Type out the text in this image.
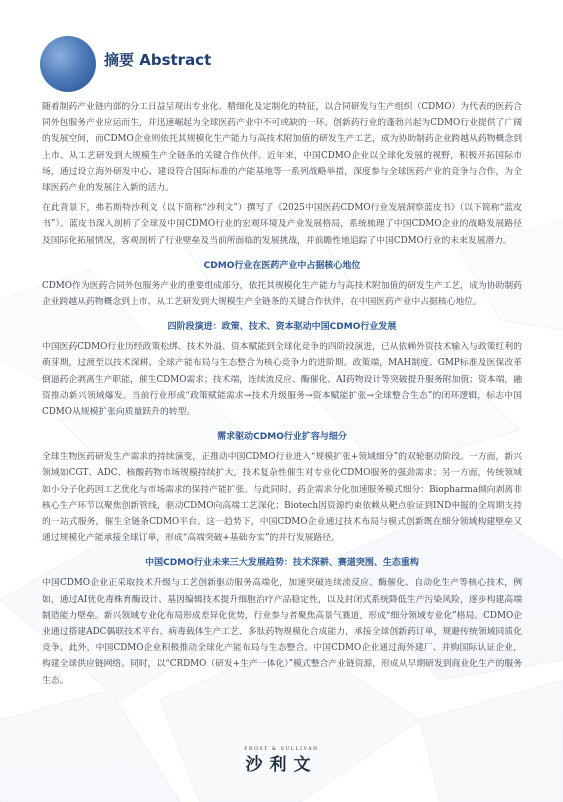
摘要 Abstract

随着制药产业链内部的分工日益呈现出专业化、精细化及定制化的特征，以合同研发与生产组织（CDMO）为代表的医药合同外包服务产业应运而生，并迅速崛起为全球医药产业中不可或缺的一环。创新药行业的蓬勃兴起为CDMO行业提供了广阔的发展空间，而CDMO企业则依托其规模化生产能力与高技术附加值的研发生产工艺，成为协助制药企业跨越从药物概念到上市、从工艺研发到大规模生产全链条的关键合作伙伴。近年来，中国CDMO企业以全球化发展的视野，积极开拓国际市场，通过设立海外研发中心、建设符合国际标准的产能基地等一系列战略举措，深度参与全球医药产业的竞争与合作，为全球医药产业的发展注入新的活力。

在此背景下，弗若斯特沙利文（以下简称“沙利文”）撰写了《2025中国医药CDMO行业发展洞察蓝皮书》（以下简称“蓝皮书”）。蓝皮书深入剖析了全球及中国CDMO行业的宏观环境及产业发展格局，系统梳理了中国CDMO企业的战略发展路径及国际化拓展情况，客观剖析了行业壁垒及当前所面临的发展挑战，并前瞻性地追踪了中国CDMO行业的未来发展潜力。

CDMO行业在医药产业中占据核心地位

CDMO作为医药合同外包服务产业的重要组成部分，依托其规模化生产能力与高技术附加值的研发生产工艺，成为协助制药企业跨越从药物概念到上市、从工艺研发到大规模生产全链条的关键合作伙伴，在中国医药产业中占据核心地位。

四阶段演进：政策、技术、资本驱动中国CDMO行业发展

中国医药CDMO行业历经政策松绑、技术外溢、资本赋能到全球化竞争的四阶段演进，已从依赖外资技术输入与政策红利的萌芽期，过渡至以技术深耕、全球产能布局与生态整合为核心竞争力的进阶期。政策端，MAH制度、GMP标准及医保改革倒逼药企剥离生产职能，催生CDMO需求；技术端，连续流反应、酶催化、AI药物设计等突破提升服务附加值；资本端，融资推动新兴领域爆发。当前行业形成“政策赋能需求→技术升级服务→资本赋能扩张→全球整合生态”的闭环逻辑，标志中国CDMO从规模扩张向质量跃升的转型。

需求驱动CDMO行业扩容与细分

全球生物医药研发生产需求的持续演变，正推动中国CDMO行业进入“规模扩张+领域细分”的双轮驱动阶段。一方面，新兴领域如CGT、ADC、核酸药物市场规模持续扩大，技术复杂性催生对专业化CDMO服务的强劲需求；另一方面，传统领域如小分子化药因工艺优化与市场需求的保持产能扩张。与此同时，药企需求分化加速服务模式细分：Biopharma倾向剥离非核心生产环节以聚焦创新管线，驱动CDMO向高端工艺深化；Biotech因资源约束依赖从靶点验证到IND申报的全周期支持的一站式服务，催生全链条CDMO平台。这一趋势下，中国CDMO企业通过技术布局与模式创新既在细分领域构建壁垒又通过规模化产能承接全球订单，形成“高端突破+基础夯实”的并行发展路径。

中国CDMO行业未来三大发展趋势：技术深耕、赛道突围、生态重构

中国CDMO企业正采取技术升级与工艺创新驱动服务高端化，加速突破连续流反应、酶催化、自动化生产等核心技术，例如，通过AI优化毒株育酶设计、基因编辑技术提升细胞治疗产品稳定性，以及封闭式系统降低生产污染风险，逐步构建高端制造能力壁垒。新兴领域专业化布局形成差异化优势，行业参与者聚焦高景气赛道，形成“细分领域专业化”格局。CDMO企业通过搭建ADC偶联技术平台、病毒载体生产工艺、多肽药物规模化合成能力，承接全球创新药订单，规避传统领域同质化竞争。此外，中国CDMO企业积极推动全球化产能布局与生态整合。中国CDMO企业通过海外建厂、并购国际认证企业，构建全球供应链网络。同时，以“CRDMO（研发+生产一体化）”模式整合产业链资源，形成从早期研发到商业化生产的服务生态。

FROST & SULLIVAN
沙利文
